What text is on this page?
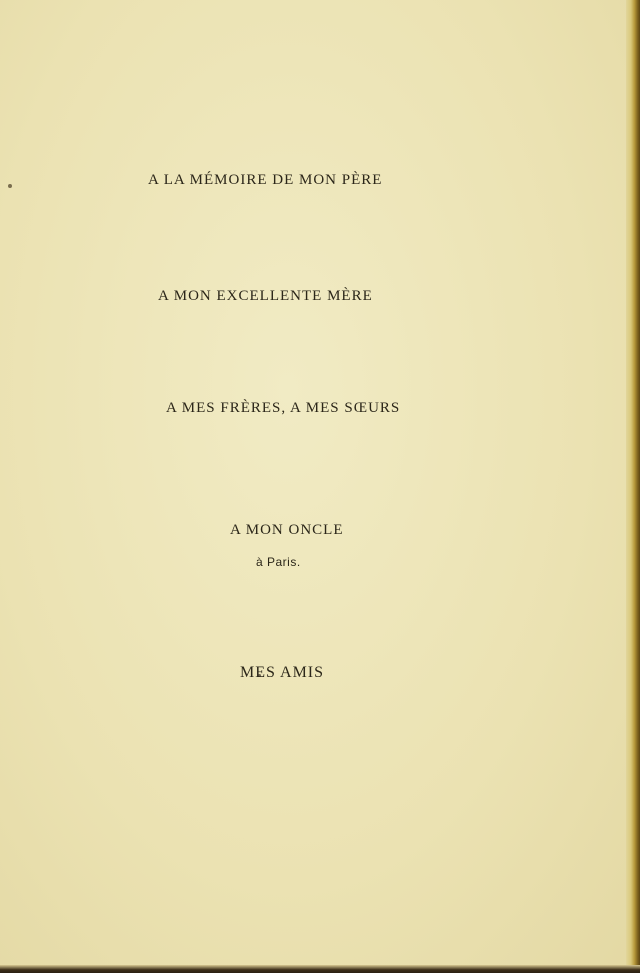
A LA MÉMOIRE DE MON PÈRE
A MON EXCELLENTE MÈRE
A MES FRÈRES, A MES SŒURS
A MON ONCLE
à Paris.
MES AMIS
